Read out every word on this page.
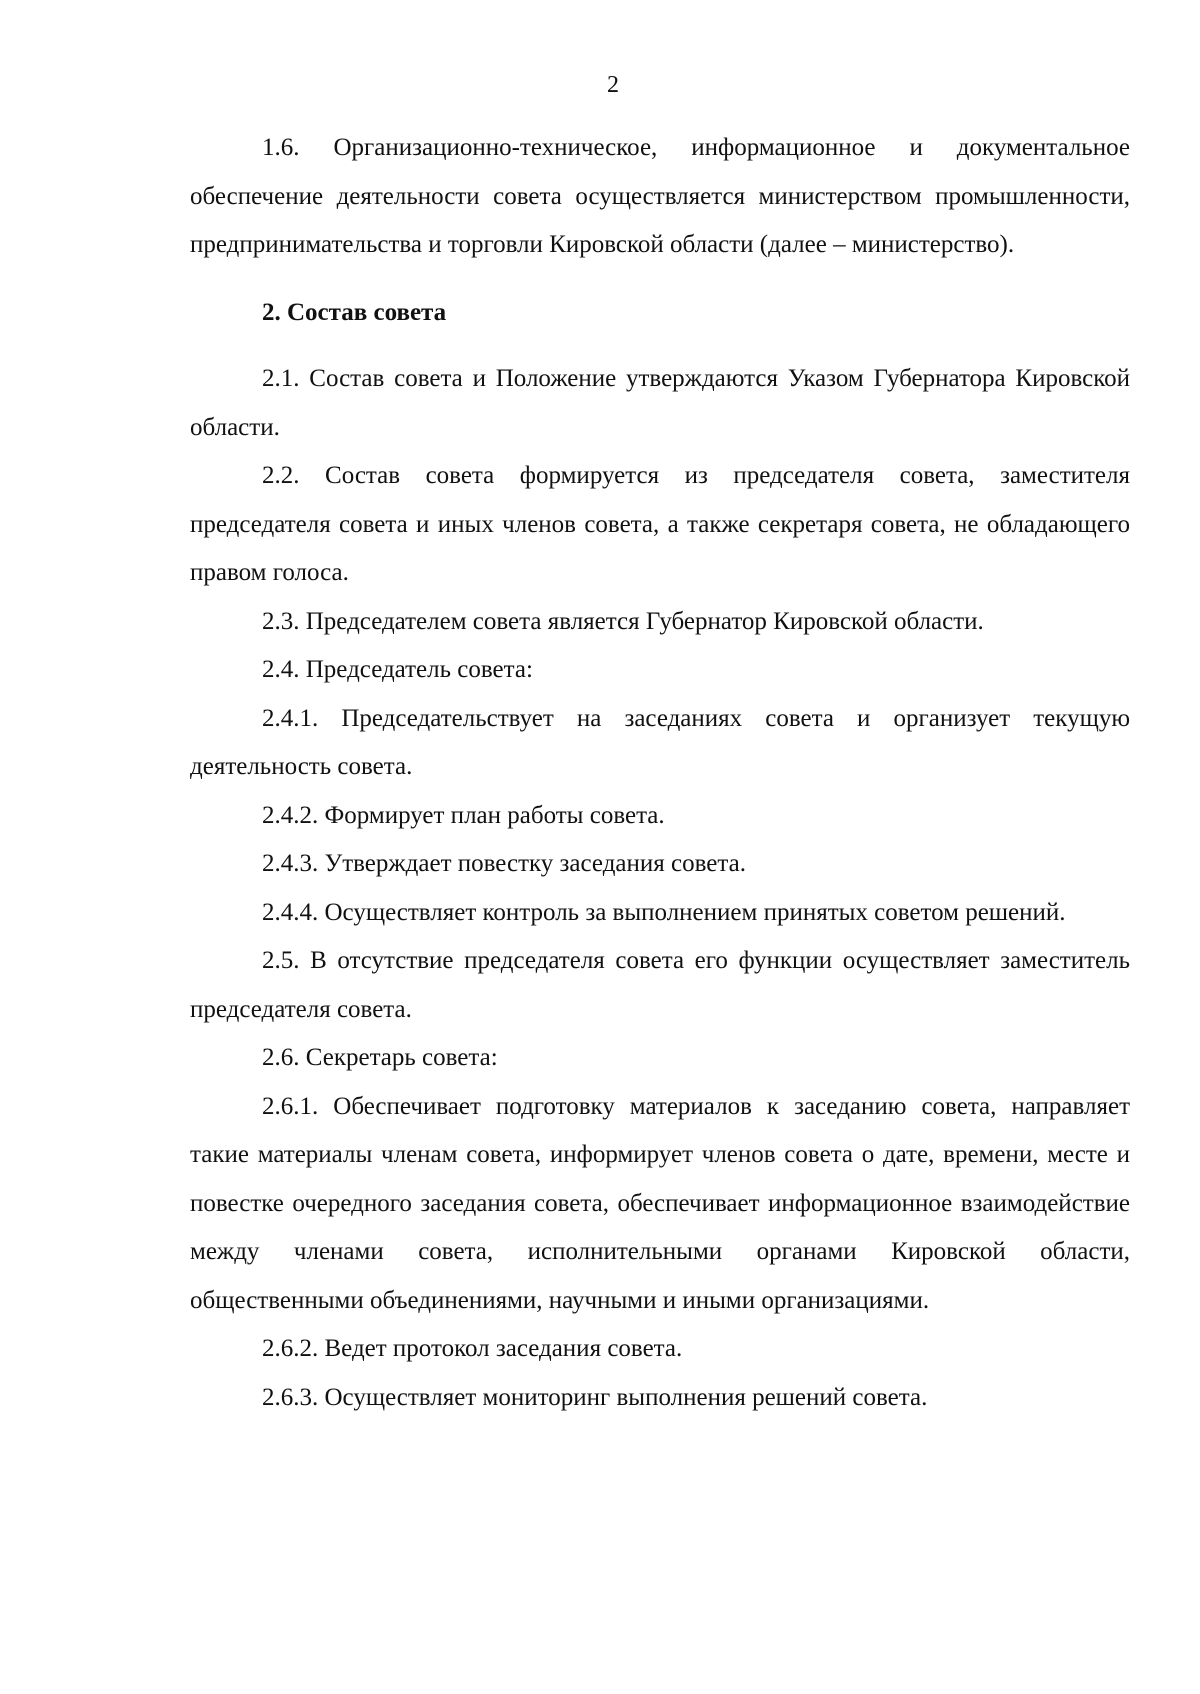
2

1.6. Организационно-техническое, информационное и документальное обеспечение деятельности совета осуществляется министерством промышленности, предпринимательства и торговли Кировской области (далее – министерство).

2. Состав совета

2.1. Состав совета и Положение утверждаются Указом Губернатора Кировской области.

2.2. Состав совета формируется из председателя совета, заместителя председателя совета и иных членов совета, а также секретаря совета, не обладающего правом голоса.

2.3. Председателем совета является Губернатор Кировской области.

2.4. Председатель совета:

2.4.1. Председательствует на заседаниях совета и организует текущую деятельность совета.

2.4.2. Формирует план работы совета.

2.4.3. Утверждает повестку заседания совета.

2.4.4. Осуществляет контроль за выполнением принятых советом решений.

2.5. В отсутствие председателя совета его функции осуществляет заместитель председателя совета.

2.6. Секретарь совета:

2.6.1. Обеспечивает подготовку материалов к заседанию совета, направляет такие материалы членам совета, информирует членов совета о дате, времени, месте и повестке очередного заседания совета, обеспечивает информационное взаимодействие между членами совета, исполнительными органами Кировской области, общественными объединениями, научными и иными организациями.

2.6.2. Ведет протокол заседания совета.

2.6.3. Осуществляет мониторинг выполнения решений совета.
